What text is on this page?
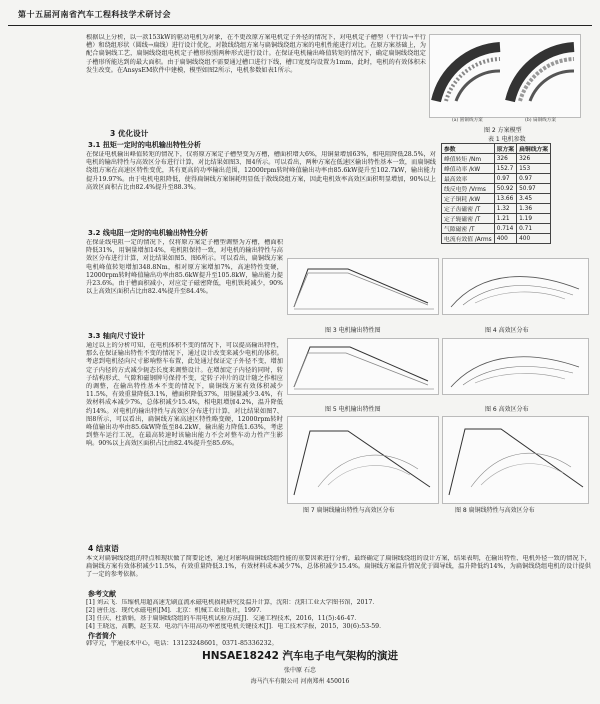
第十五届河南省汽车工程科技学术研讨会
根据以上分析，以一款153kW的驱动电机为对象，在不更改原方案电机定子外径的情况下，对电机定子槽型（平行齿→平行槽）和绕组形状（圆线→扁线）进行设计优化，对散线绕组方案与扁铜线绕组方案的电机性能进行对比。在原方案基础上，为配合扁铜线工艺，扁铜线绕组电机定子槽形按照两种形式进行设计。在保证电机输出峰值转矩的情况下，确定扁铜线绕组定子槽形所能达到的最大面积。由于扁铜线绕组不需要通过槽口进行下线，槽口宽度均设置为1mm，此时，电机的有效体积未发生改变。在AnsysEM软件中建模，模型如图2所示，电机参数如表1所示。
(a) 圆铜线方案	(b) 扁铜线方案
图 2 方案模型
表 1 电机参数
参数	原方案	扁铜线方案
峰值转矩 /Nm	326	326
峰值功率 /kW	152.7	153
最高效率	0.97	0.97
线反电势 /Vrms	50.92	50.97
定子铜耗 /kW	13.66	3.45
定子齿磁密 /T	1.32	1.36
定子轭磁密 /T	1.21	1.19
气隙磁密 /T	0.714	0.71
电流有效值 /Arms	400	400
3 优化设计
3.1 扭矩一定时的电机输出特性分析
在保证电机输出峰值转矩的情况下，仅将原方案定子槽型变为方槽，槽面积增大6%，用铜量增加63%，相电阻降低28.5%，对电机的输出特性与高效区分布进行计算，对比结果如图3、图4所示。可以看出，两种方案在低速区输出特性基本一致，而扁铜线绕组方案在高速区特性变优，其有更高的功率输出范围，12000rpm转时峰值输出功率由85.6kW提升至102.7kW，输出能力提升19.97%。由于电机电阻降低，使得扁铜线方案铜耗明显低于散线绕组方案，因此电机效率高效区面积明显增加，90%以上高效区面积占比由82.4%提升至88.3%。
3.2 线电阻一定时的电机输出特性分析
在保证线电阻一定的情况下，仅将原方案定子槽型调整为方槽，槽面积降低31%，用铜量增加14%，电机阻保持一致，对电机的输出特性与高效区分布进行计算，对比结果如图5、图6所示。可以看出，扁铜线方案电机峰值转矩增加348.8Nm，相对原方案增加7%，高速特性变硬，12000rpm转时峰值输出功率由85.6kW提升至105.8kW，输出能力提升23.6%。由于槽面积减小，对应定子磁密降低，电机铁耗减少，90%以上高效区面积占比由82.4%提升至84.4%。
图 3 电机输出特性图	图 4 高效区分布
3.3 轴向尺寸设计
通过以上的分析可知，在电机体积不变的情况下，可以提高输出特性，那么在保证输出特性不变的情况下，通过设计改变来减少电机的体积。考虑到电机径向尺寸影响整车布置，此处通过保证定子外径不变，增加定子内径的方式减少轭态长度来调整设计。在增加定子内径的同时，转子结构形式、气隙和磁钢牌号保持不变，定转子冲片的设计随之作相应的调整，在输出特性基本不变的情况下，扁铜线方案有效体积减少11.5%，有效重量降低3.1%，槽面积降低37%，用铜量减少3.4%，有效材料成本减少7%，总体积减少15.4%，相电阻增加4.2%，温升降低约14%。对电机的输出特性与高效区分布进行计算，对比结果如图7、图8所示，可以看出，扁铜线方案高速区特性略变硬，12000rpm转时峰值输出功率由85.6kW降低至84.2kW，输出能力降低1.63%，考虑到整车运行工况，在最高转速时该输出能力不会对整车动力性产生影响。90%以上高效区面积占比由82.4%提升至85.6%。
图 5 电机输出特性图	图 6 高效区分布
图 7 扁铜线输出特性与高效区分布	图 8 扁铜线特性与高效区分布
4 结束语
本文对扁铜线绕组的特点和现状做了简要论述，通过对影响扁铜线绕组性能的重要因素进行分析，最终确定了扁铜线绕组的设计方案，结果表明，在输出特性、电机外径一致的情况下，扁铜线方案有效体积减少11.5%，有效重量降低3.1%，有效材料成本减少7%，总体积减少15.4%。扁铜线方案温升情况优于圆导线，温升降低约14%，为扁铜线绕组电机的设计提供了一定的参考依据。
参考文献
[1] 刘云飞．压缩机用超高速无刷直流永磁电机损耗研究及温升计算，沈阳：沈阳工业大学图书馆，2017．
[2] 唐任远．现代永磁电机[M]．北京：机械工业出版社，1997．
[3] 任庆，杜新娟，基于扁铜线绕组的车用电机试验方法[J]．交通工程技术，2016，11(5):46-47．
[4] 王晓远，高鹏，赵玉双．电动汽车用高功率密度电机关键技术[J]．电工技术学报，2015，30(6):53-59．
作者简介
韩守元，宇通技术中心，电话：13123248601，0371-85336232。
HNSAE18242 汽车电子电气架构的演进
张中原 石忠
海马汽车有限公司 河南郑州 450016
